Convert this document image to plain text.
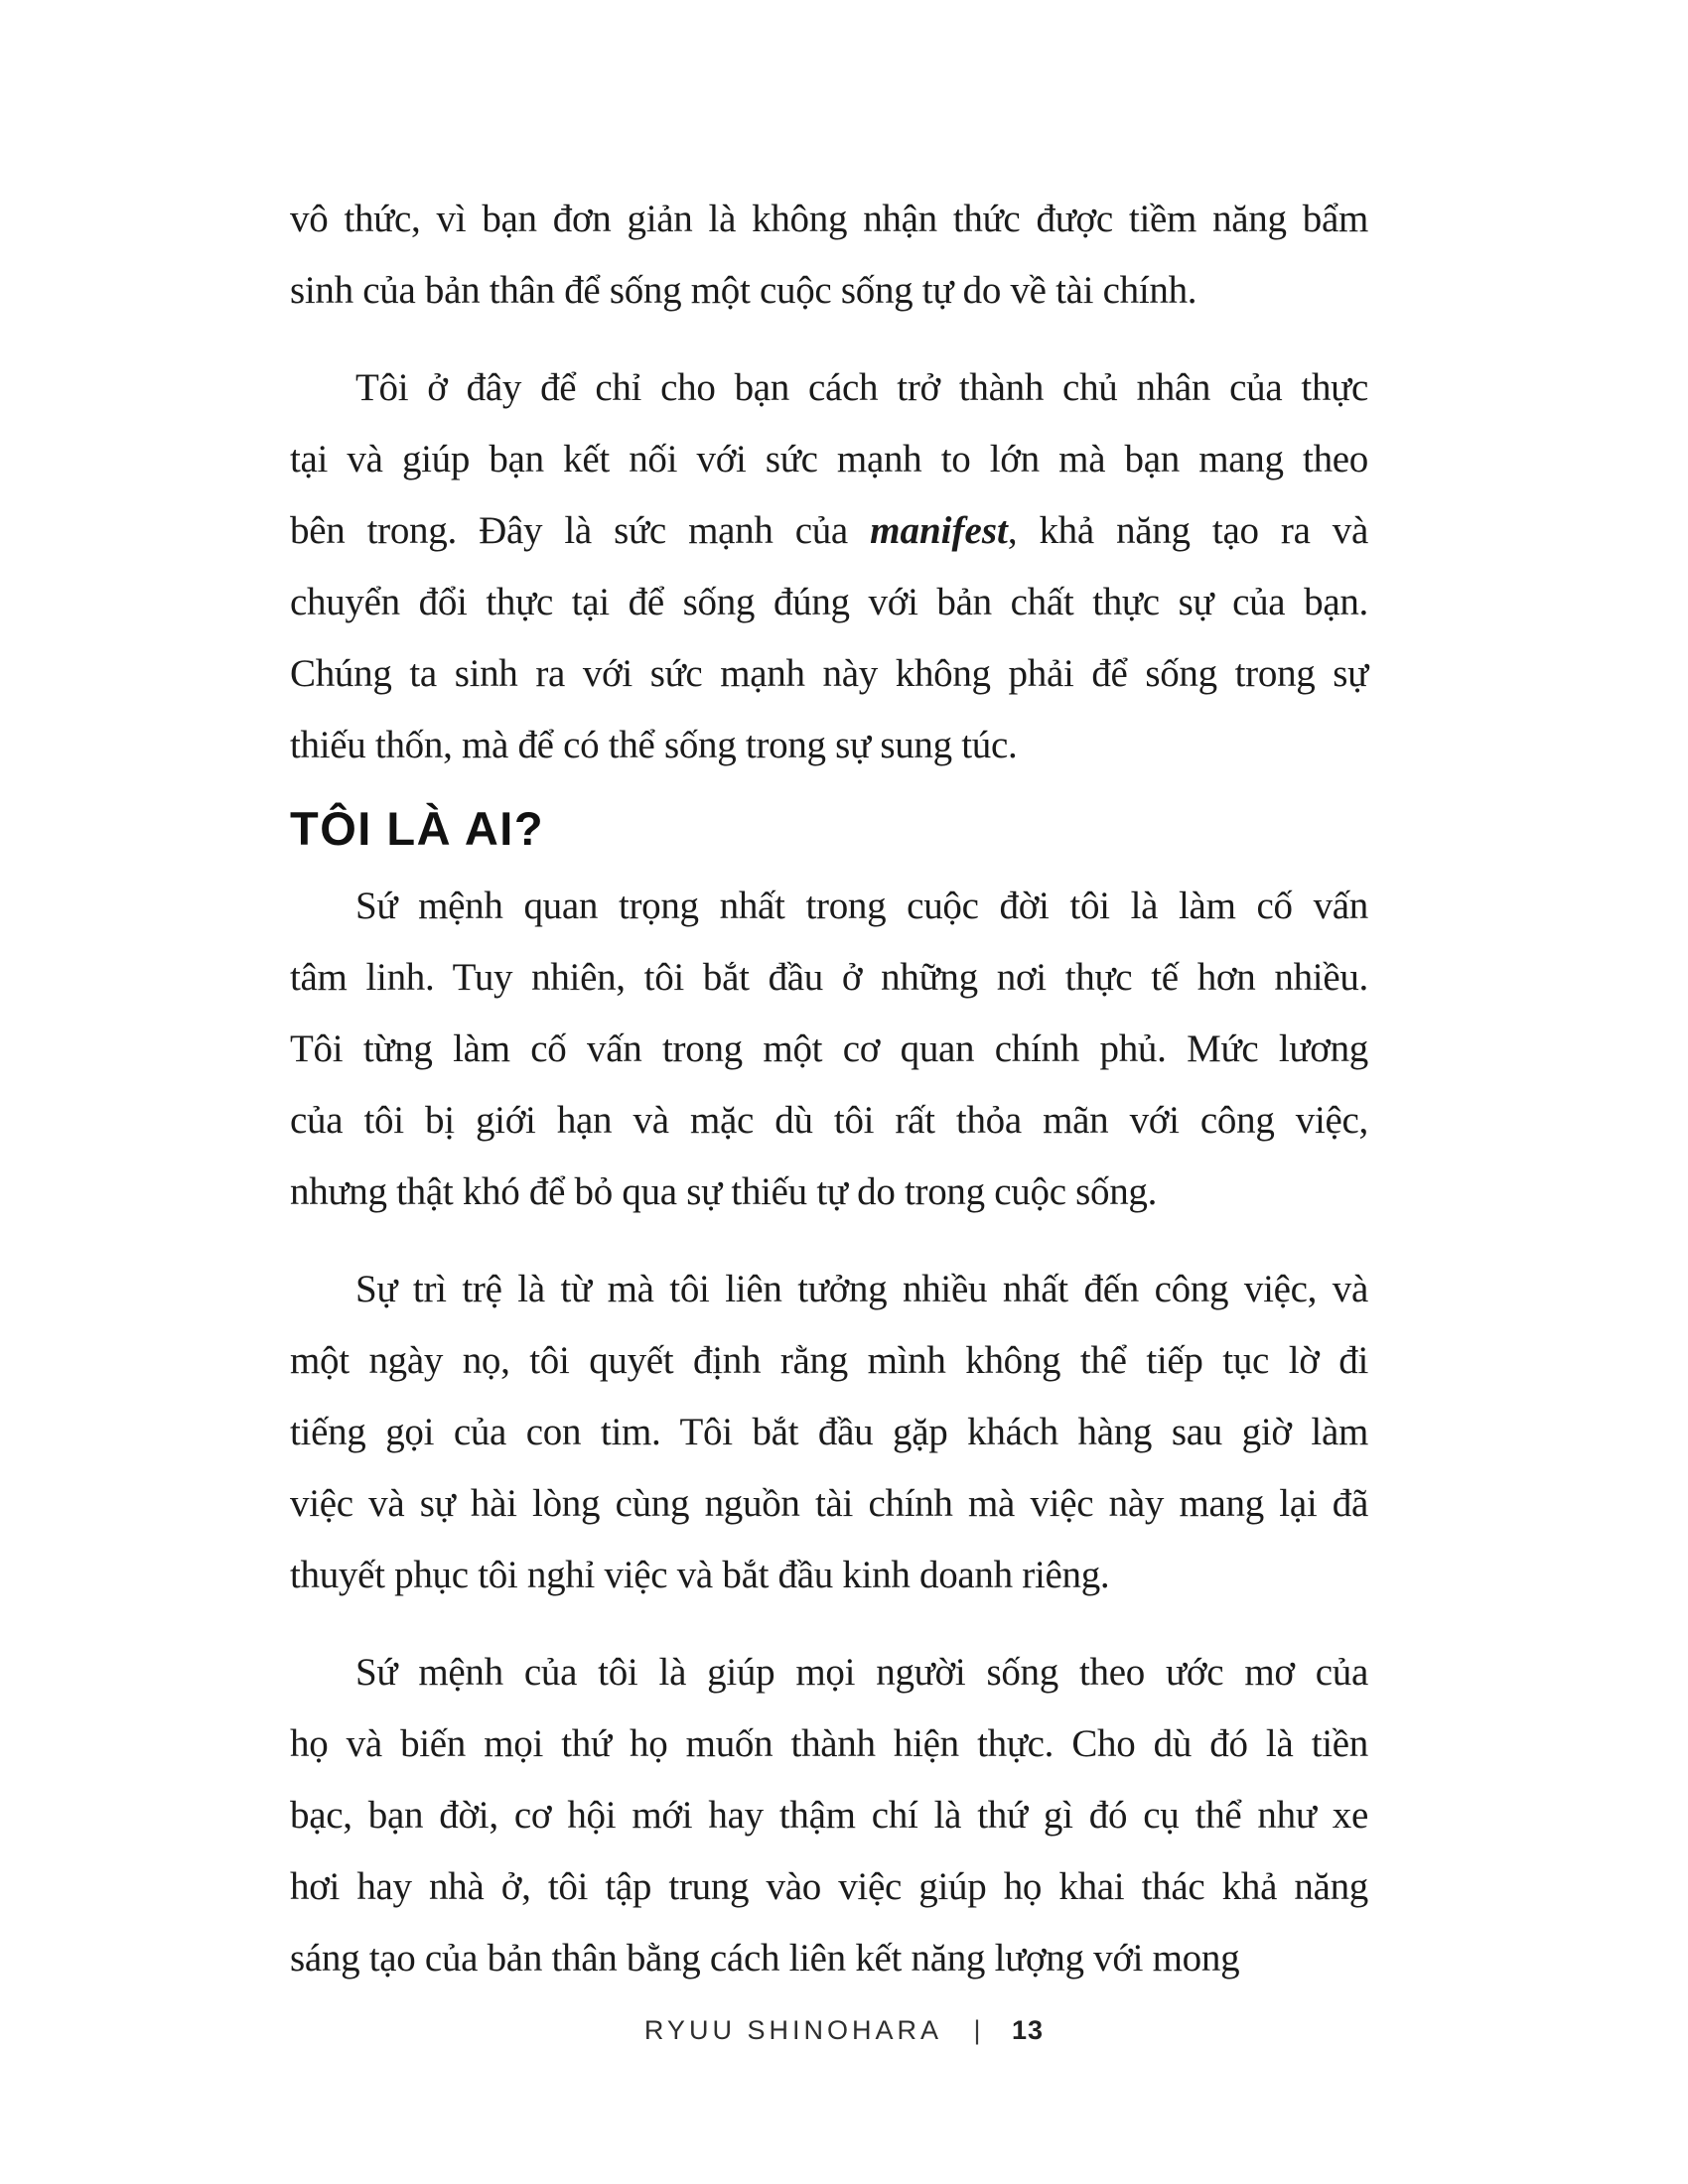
vô thức, vì bạn đơn giản là không nhận thức được tiềm năng bẩm
sinh của bản thân để sống một cuộc sống tự do về tài chính.
Tôi ở đây để chỉ cho bạn cách trở thành chủ nhân của thực
tại và giúp bạn kết nối với sức mạnh to lớn mà bạn mang theo
bên trong. Đây là sức mạnh của manifest, khả năng tạo ra và
chuyển đổi thực tại để sống đúng với bản chất thực sự của bạn.
Chúng ta sinh ra với sức mạnh này không phải để sống trong sự
thiếu thốn, mà để có thể sống trong sự sung túc.
TÔI LÀ AI?
Sứ mệnh quan trọng nhất trong cuộc đời tôi là làm cố vấn
tâm linh. Tuy nhiên, tôi bắt đầu ở những nơi thực tế hơn nhiều.
Tôi từng làm cố vấn trong một cơ quan chính phủ. Mức lương
của tôi bị giới hạn và mặc dù tôi rất thỏa mãn với công việc,
nhưng thật khó để bỏ qua sự thiếu tự do trong cuộc sống.
Sự trì trệ là từ mà tôi liên tưởng nhiều nhất đến công việc, và
một ngày nọ, tôi quyết định rằng mình không thể tiếp tục lờ đi
tiếng gọi của con tim. Tôi bắt đầu gặp khách hàng sau giờ làm
việc và sự hài lòng cùng nguồn tài chính mà việc này mang lại đã
thuyết phục tôi nghỉ việc và bắt đầu kinh doanh riêng.
Sứ mệnh của tôi là giúp mọi người sống theo ước mơ của
họ và biến mọi thứ họ muốn thành hiện thực. Cho dù đó là tiền
bạc, bạn đời, cơ hội mới hay thậm chí là thứ gì đó cụ thể như xe
hơi hay nhà ở, tôi tập trung vào việc giúp họ khai thác khả năng
sáng tạo của bản thân bằng cách liên kết năng lượng với mong
RYUU SHINOHARA | 13
